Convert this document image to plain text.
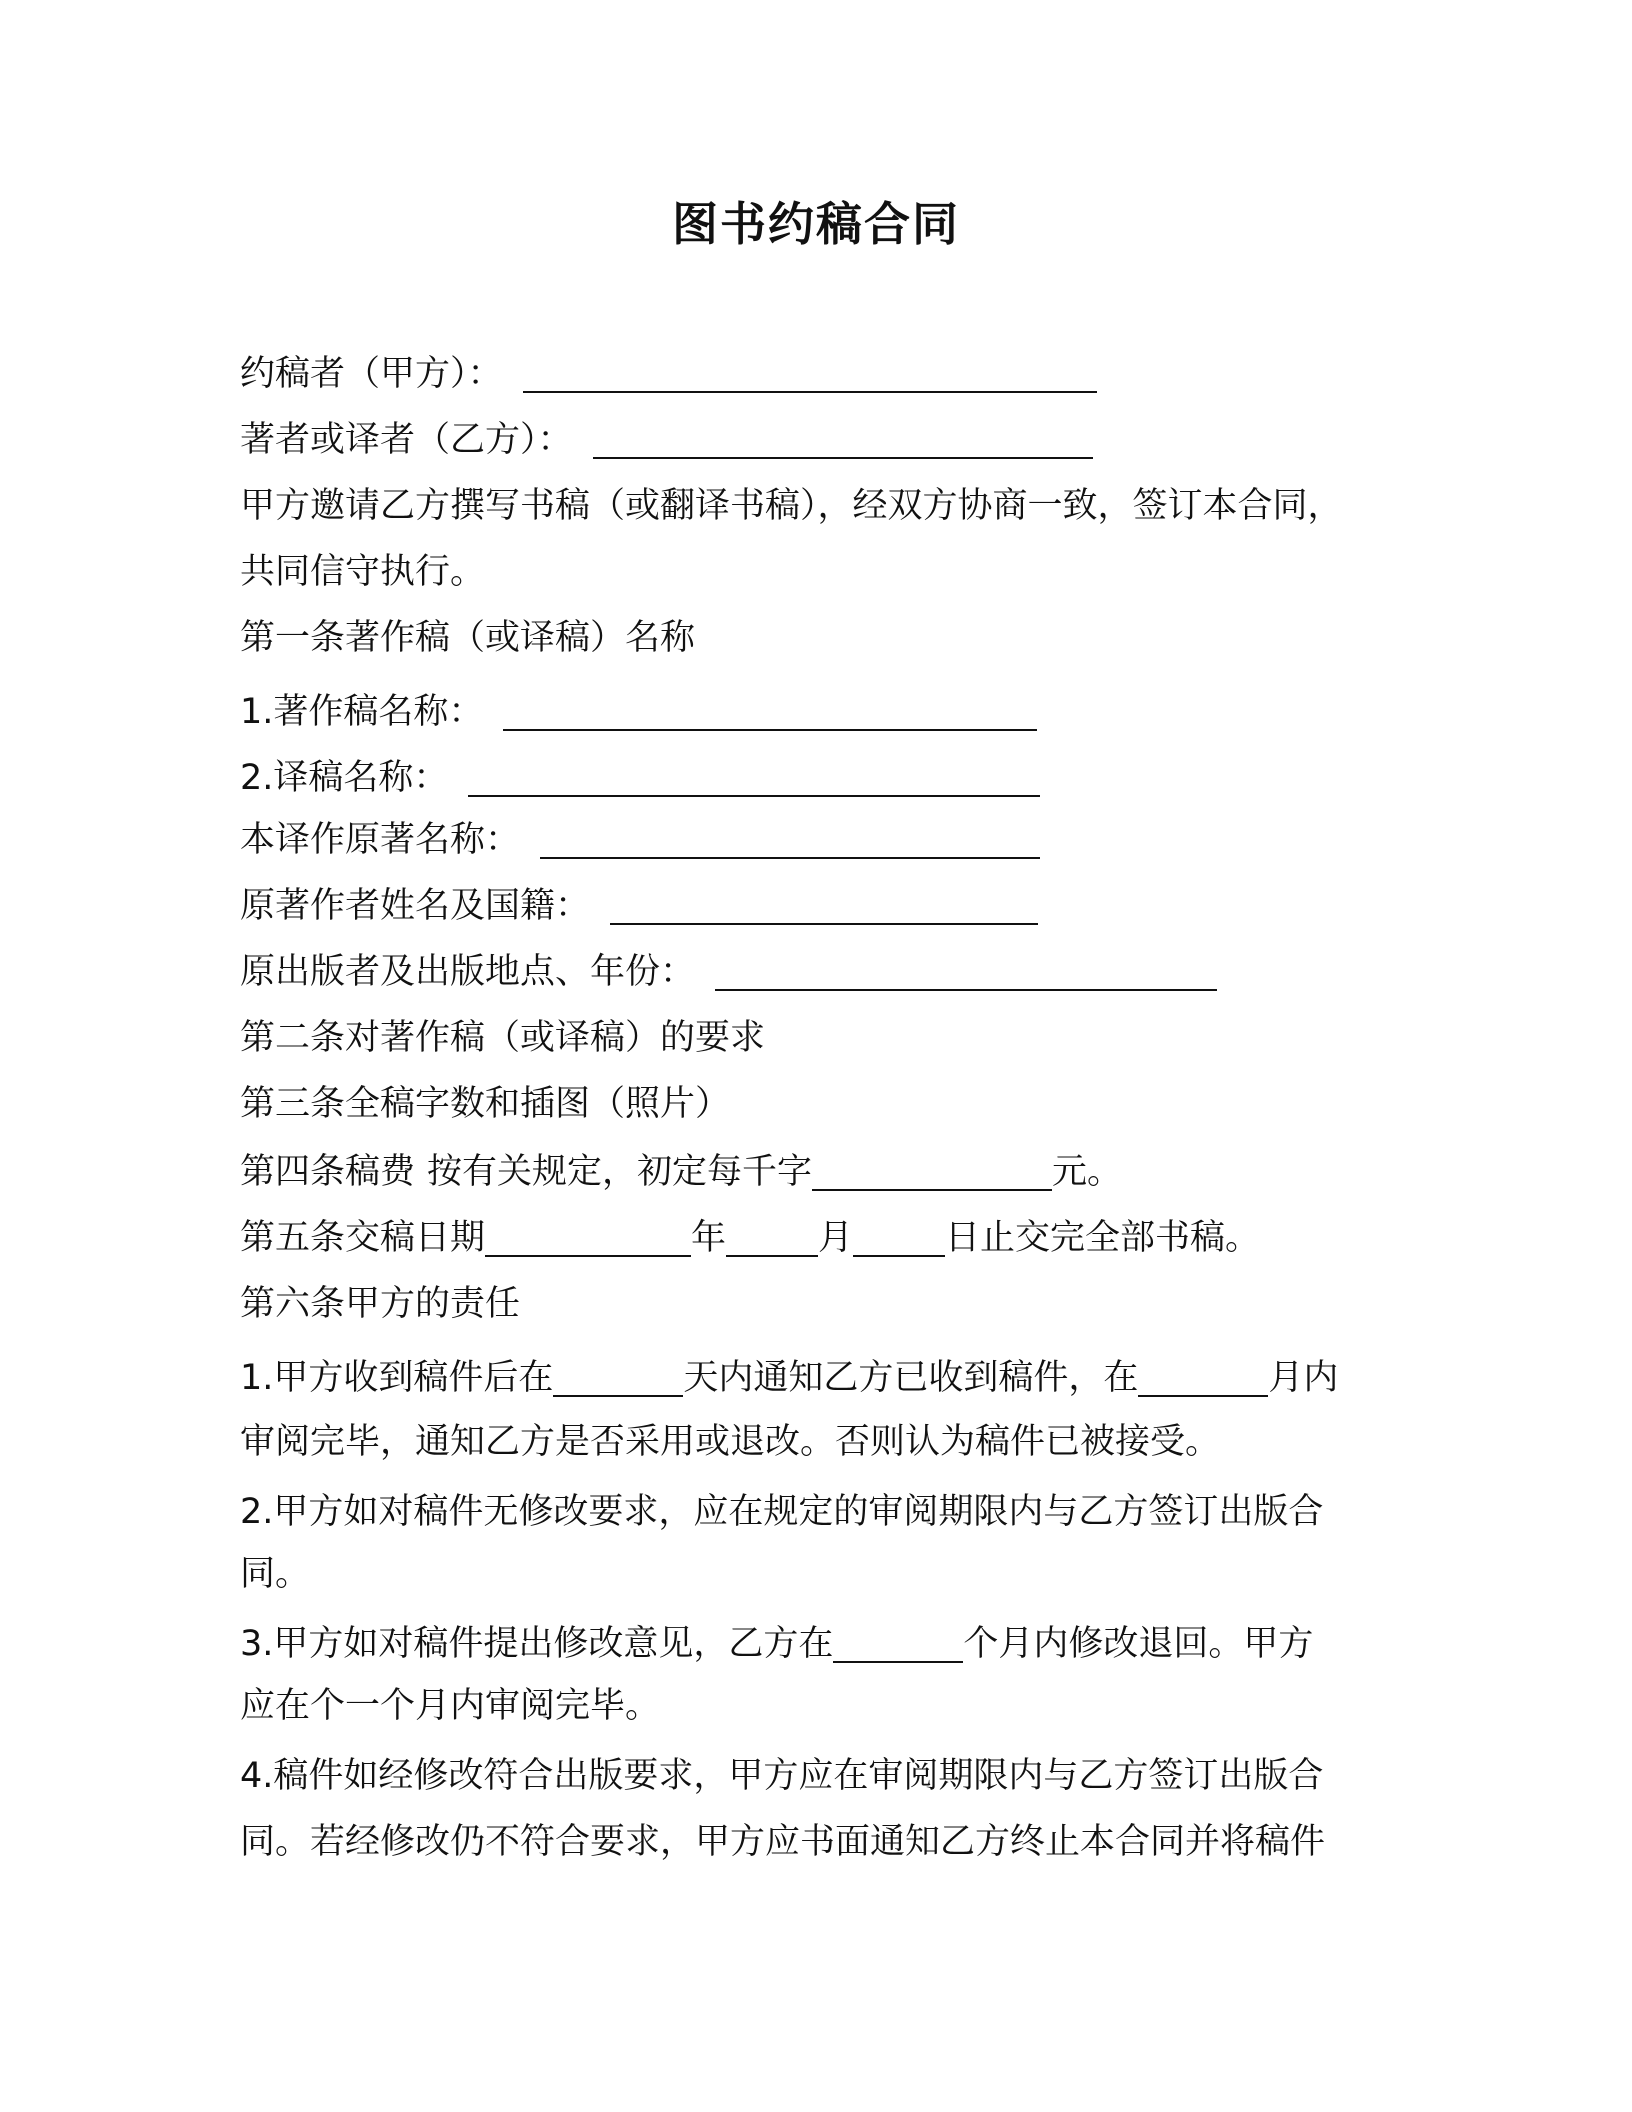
图书约稿合同

约稿者（甲方）：

著者或译者（乙方）：

甲方邀请乙方撰写书稿（或翻译书稿），经双方协商一致，签订本合同，

共同信守执行。

第一条著作稿（或译稿）名称

1.著作稿名称：

2.译稿名称：

本译作原著名称：

原著作者姓名及国籍：

原出版者及出版地点、年份：

第二条对著作稿（或译稿）的要求

第三条全稿字数和插图（照片）

第四条稿费 按有关规定，初定每千字	元。

第五条交稿日期	年	月	日止交完全部书稿。

第六条甲方的责任

1.甲方收到稿件后在	天内通知乙方已收到稿件，在	月内

审阅完毕，通知乙方是否采用或退改。否则认为稿件已被接受。

2.甲方如对稿件无修改要求，应在规定的审阅期限内与乙方签订出版合

同。

3.甲方如对稿件提出修改意见，乙方在	个月内修改退回。甲方

应在个一个月内审阅完毕。

4.稿件如经修改符合出版要求，甲方应在审阅期限内与乙方签订出版合

同。若经修改仍不符合要求，甲方应书面通知乙方终止本合同并将稿件
